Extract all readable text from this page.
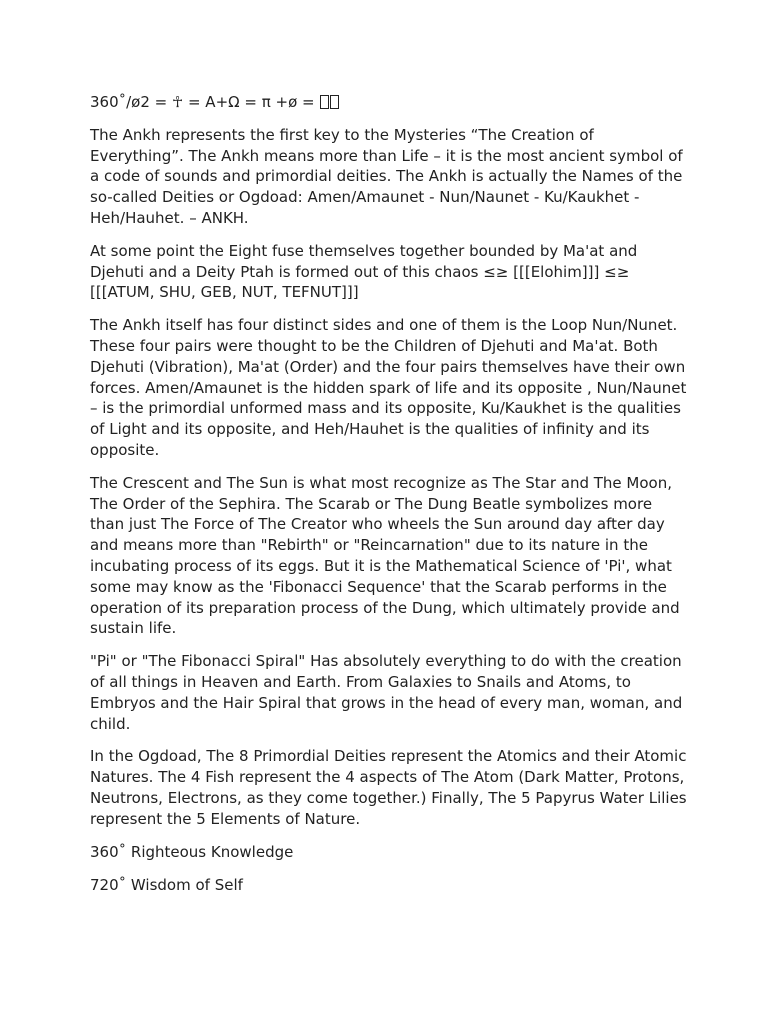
360˚/ø2 = ☥ = A+Ω = π +ø =

The Ankh represents the first key to the Mysteries “The Creation of Everything”. The Ankh means more than Life – it is the most ancient symbol of a code of sounds and primordial deities. The Ankh is actually the Names of the so-called Deities or Ogdoad: Amen/Amaunet - Nun/Naunet - Ku/Kaukhet - Heh/Hauhet. – ANKH.

At some point the Eight fuse themselves together bounded by Ma'at and Djehuti and a Deity Ptah is formed out of this chaos ≤≥ [[[Elohim]]] ≤≥ [[[ATUM, SHU, GEB, NUT, TEFNUT]]]

The Ankh itself has four distinct sides and one of them is the Loop Nun/Nunet. These four pairs were thought to be the Children of Djehuti and Ma'at. Both Djehuti (Vibration), Ma'at (Order) and the four pairs themselves have their own forces. Amen/Amaunet is the hidden spark of life and its opposite , Nun/Naunet – is the primordial unformed mass and its opposite, Ku/Kaukhet is the qualities of Light and its opposite, and Heh/Hauhet is the qualities of infinity and its opposite.

The Crescent and The Sun is what most recognize as The Star and The Moon, The Order of the Sephira. The Scarab or The Dung Beatle symbolizes more than just The Force of The Creator who wheels the Sun around day after day and means more than "Rebirth" or "Reincarnation" due to its nature in the incubating process of its eggs. But it is the Mathematical Science of 'Pi', what some may know as the 'Fibonacci Sequence' that the Scarab performs in the operation of its preparation process of the Dung, which ultimately provide and sustain life.

"Pi" or "The Fibonacci Spiral" Has absolutely everything to do with the creation of all things in Heaven and Earth. From Galaxies to Snails and Atoms, to Embryos and the Hair Spiral that grows in the head of every man, woman, and child.

In the Ogdoad, The 8 Primordial Deities represent the Atomics and their Atomic Natures. The 4 Fish represent the 4 aspects of The Atom (Dark Matter, Protons, Neutrons, Electrons, as they come together.) Finally, The 5 Papyrus Water Lilies represent the 5 Elements of Nature.

360˚ Righteous Knowledge

720˚ Wisdom of Self
